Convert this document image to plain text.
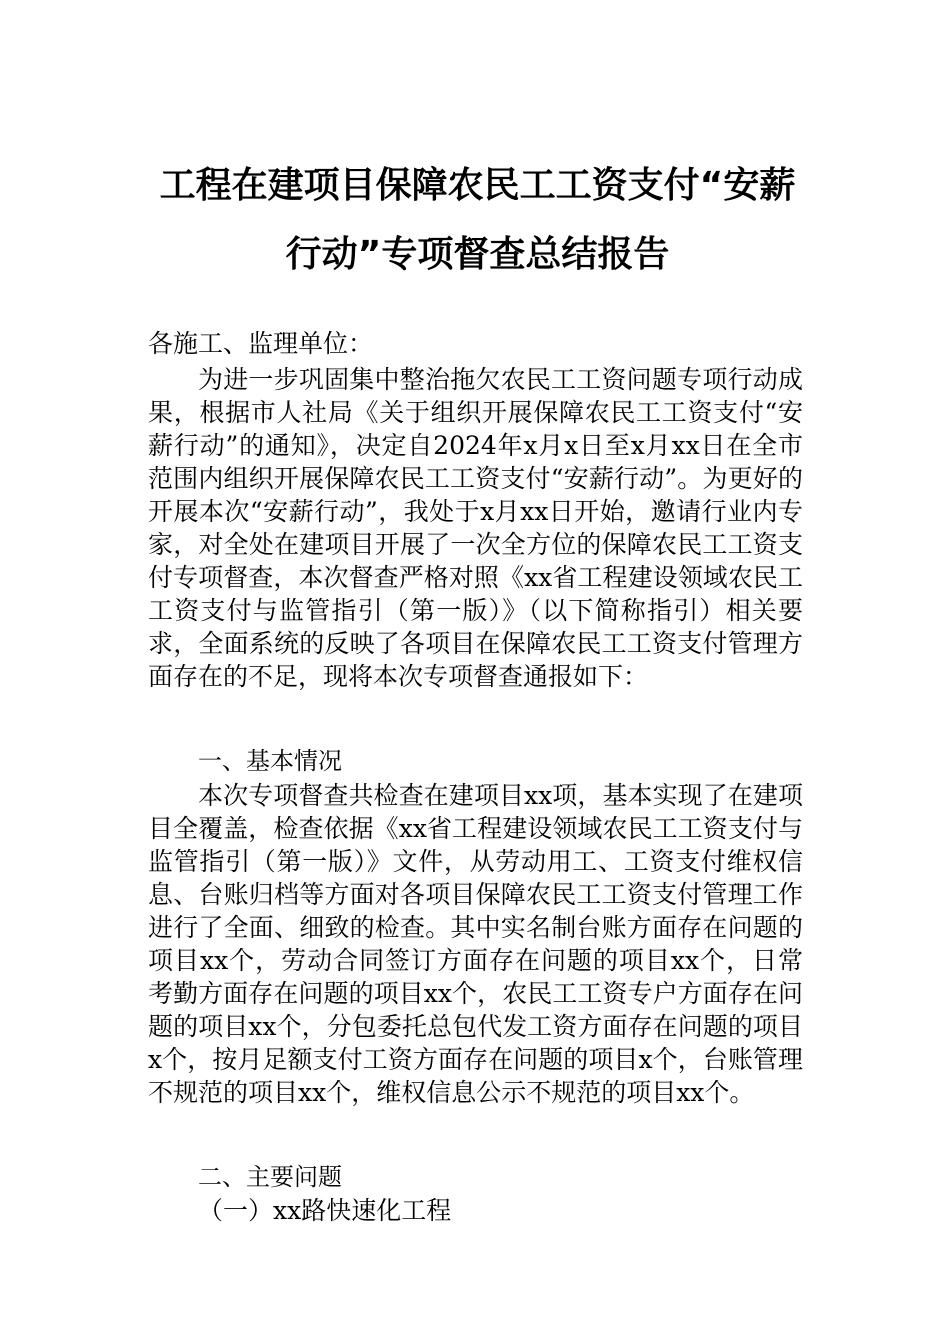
工程在建项目保障农民工工资支付“安薪
行动”专项督查总结报告
各施工、监理单位：
为进一步巩固集中整治拖欠农民工工资问题专项行动成果，根据市人社局《关于组织开展保障农民工工资支付“安薪行动”的通知》，决定自2024年x月x日至x月xx日在全市范围内组织开展保障农民工工资支付“安薪行动”。为更好的开展本次“安薪行动”，我处于x月xx日开始，邀请行业内专家，对全处在建项目开展了一次全方位的保障农民工工资支付专项督查，本次督查严格对照《xx省工程建设领域农民工工资支付与监管指引（第一版）》（以下简称指引）相关要求，全面系统的反映了各项目在保障农民工工资支付管理方面存在的不足，现将本次专项督查通报如下：
一、基本情况
本次专项督查共检查在建项目xx项，基本实现了在建项目全覆盖，检查依据《xx省工程建设领域农民工工资支付与监管指引（第一版）》文件，从劳动用工、工资支付维权信息、台账归档等方面对各项目保障农民工工资支付管理工作进行了全面、细致的检查。其中实名制台账方面存在问题的项目xx个，劳动合同签订方面存在问题的项目xx个，日常考勤方面存在问题的项目xx个，农民工工资专户方面存在问题的项目xx个，分包委托总包代发工资方面存在问题的项目x个，按月足额支付工资方面存在问题的项目x个，台账管理不规范的项目xx个，维权信息公示不规范的项目xx个。
二、主要问题
（一）xx路快速化工程
